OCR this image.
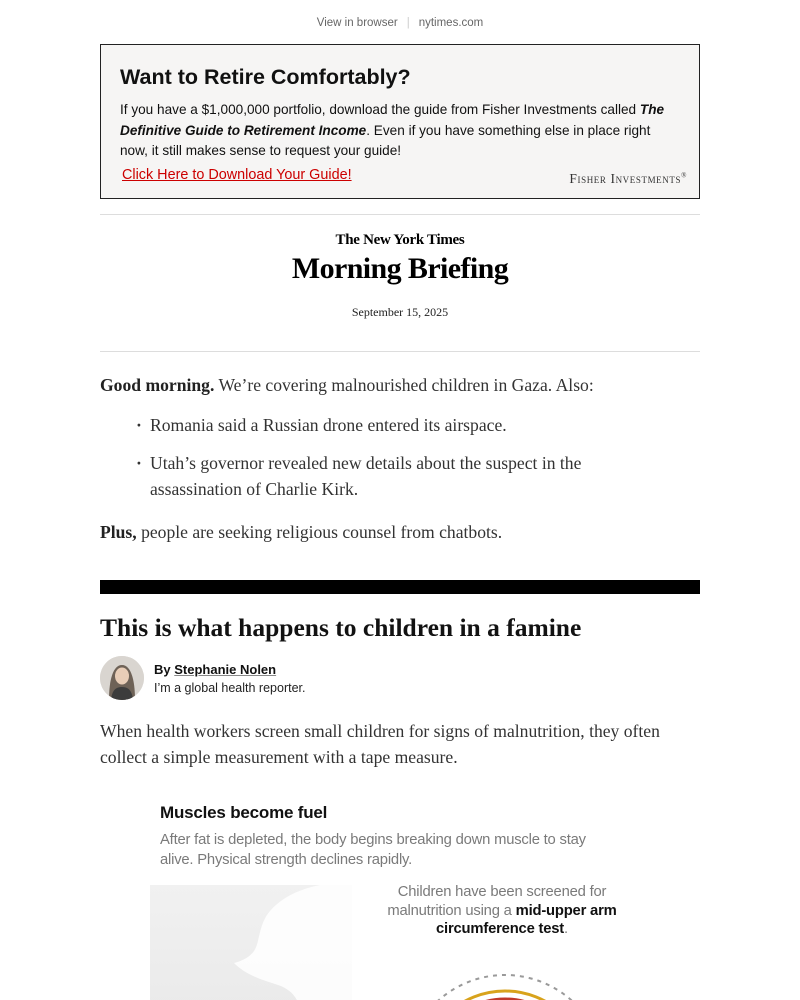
View in browser | nytimes.com
Want to Retire Comfortably?
If you have a $1,000,000 portfolio, download the guide from Fisher Investments called The Definitive Guide to Retirement Income. Even if you have something else in place right now, it still makes sense to request your guide!
Click Here to Download Your Guide!	Fisher Investments®
The New York Times
Morning Briefing
September 15, 2025

Good morning. We’re covering malnourished children in Gaza. Also:

· Romania said a Russian drone entered its airspace.
· Utah’s governor revealed new details about the suspect in the assassination of Charlie Kirk.

Plus, people are seeking religious counsel from chatbots.

This is what happens to children in a famine
By Stephanie Nolen
I’m a global health reporter.

When health workers screen small children for signs of malnutrition, they often collect a simple measurement with a tape measure.

Muscles become fuel
After fat is depleted, the body begins breaking down muscle to stay alive. Physical strength declines rapidly.
Children have been screened for malnutrition using a mid-upper arm circumference test.
